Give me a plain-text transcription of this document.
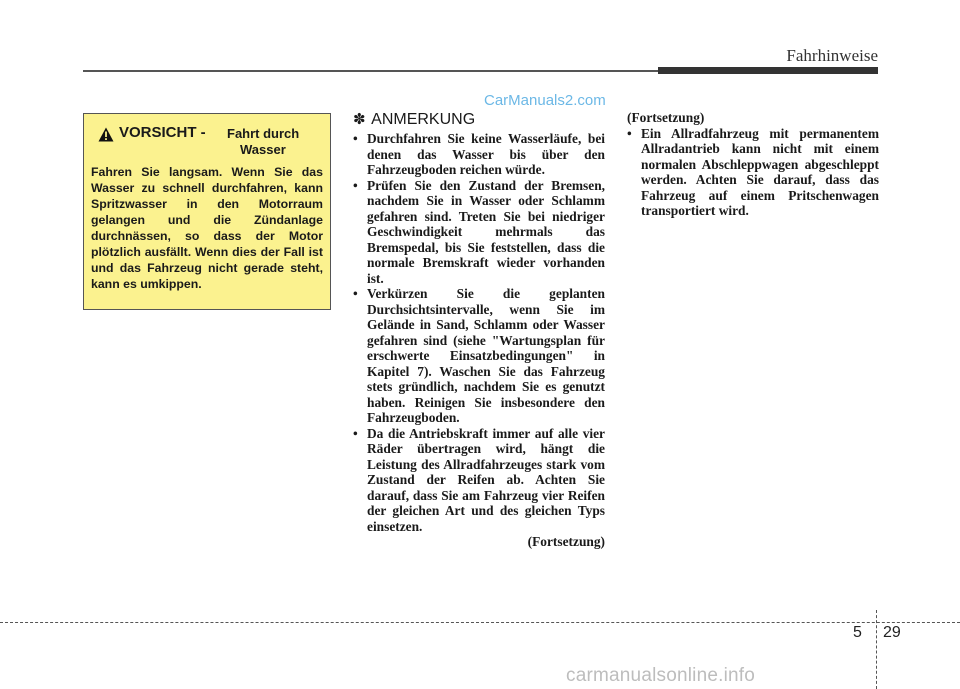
Fahrhinweise
CarManuals2.com
VORSICHT - Fahrt durch
Wasser
Fahren Sie langsam. Wenn Sie das Wasser zu schnell durchfahren, kann Spritzwasser in den Motorraum gelangen und die Zündanlage durchnässen, so dass der Motor plötzlich ausfällt. Wenn dies der Fall ist und das Fahrzeug nicht gerade steht, kann es umkippen.
✽ ANMERKUNG
• Durchfahren Sie keine Wasserläufe, bei denen das Wasser bis über den Fahrzeugboden reichen würde.
• Prüfen Sie den Zustand der Bremsen, nachdem Sie in Wasser oder Schlamm gefahren sind. Treten Sie bei niedriger Geschwindigkeit mehrmals das Bremspedal, bis Sie feststellen, dass die normale Bremskraft wieder vorhanden ist.
• Verkürzen Sie die geplanten Durchsichtsintervalle, wenn Sie im Gelände in Sand, Schlamm oder Wasser gefahren sind (siehe "Wartungsplan für erschwerte Einsatzbedingungen" in Kapitel 7). Waschen Sie das Fahrzeug stets gründlich, nachdem Sie es genutzt haben. Reinigen Sie insbesondere den Fahrzeugboden.
• Da die Antriebskraft immer auf alle vier Räder übertragen wird, hängt die Leistung des Allradfahrzeuges stark vom Zustand der Reifen ab. Achten Sie darauf, dass Sie am Fahrzeug vier Reifen der gleichen Art und des gleichen Typs einsetzen.
(Fortsetzung)
(Fortsetzung)
• Ein Allradfahrzeug mit permanentem Allradantrieb kann nicht mit einem normalen Abschleppwagen abgeschleppt werden. Achten Sie darauf, dass das Fahrzeug auf einem Pritschenwagen transportiert wird.
5 29
carmanualsonline.info
